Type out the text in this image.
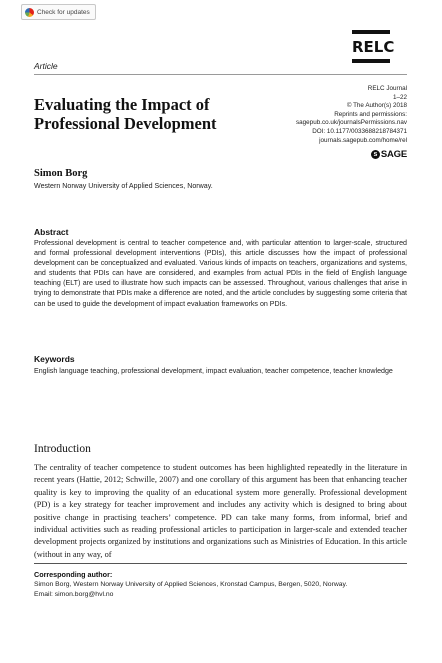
Check for updates
RELC
Article
RELC Journal
1–22
© The Author(s) 2018
Reprints and permissions:
sagepub.co.uk/journalsPermissions.nav
DOI: 10.1177/0033688218784371
journals.sagepub.com/home/rel
s SAGE
Evaluating the Impact of Professional Development
Simon Borg
Western Norway University of Applied Sciences, Norway.
Abstract

Professional development is central to teacher competence and, with particular attention to larger-scale, structured and formal professional development interventions (PDIs), this article discusses how the impact of professional development can be conceptualized and evaluated. Various kinds of impacts on teachers, organizations and systems, and students that PDIs can have are considered, and examples from actual PDIs in the field of English language teaching (ELT) are used to illustrate how such impacts can be assessed. Throughout, various challenges that arise in trying to demonstrate that PDIs make a difference are noted, and the article concludes by suggesting some criteria that can be used to guide the development of impact evaluation frameworks on PDIs.

Keywords

English language teaching, professional development, impact evaluation, teacher competence, teacher knowledge

Introduction

The centrality of teacher competence to student outcomes has been highlighted repeatedly in the literature in recent years (Hattie, 2012; Schwille, 2007) and one corollary of this argument has been that enhancing teacher quality is key to improving the quality of an educational system more generally. Professional development (PD) is a key strategy for teacher improvement and includes any activity which is designed to bring about positive change in practising teachers’ competence. PD can take many forms, from informal, brief and individual activities such as reading professional articles to participation in larger-scale and extended teacher development projects organized by institutions and organizations such as Ministries of Education. In this article (without in any way, of

Corresponding author:
Simon Borg, Western Norway University of Applied Sciences, Kronstad Campus, Bergen, 5020, Norway.
Email: simon.borg@hvl.no
